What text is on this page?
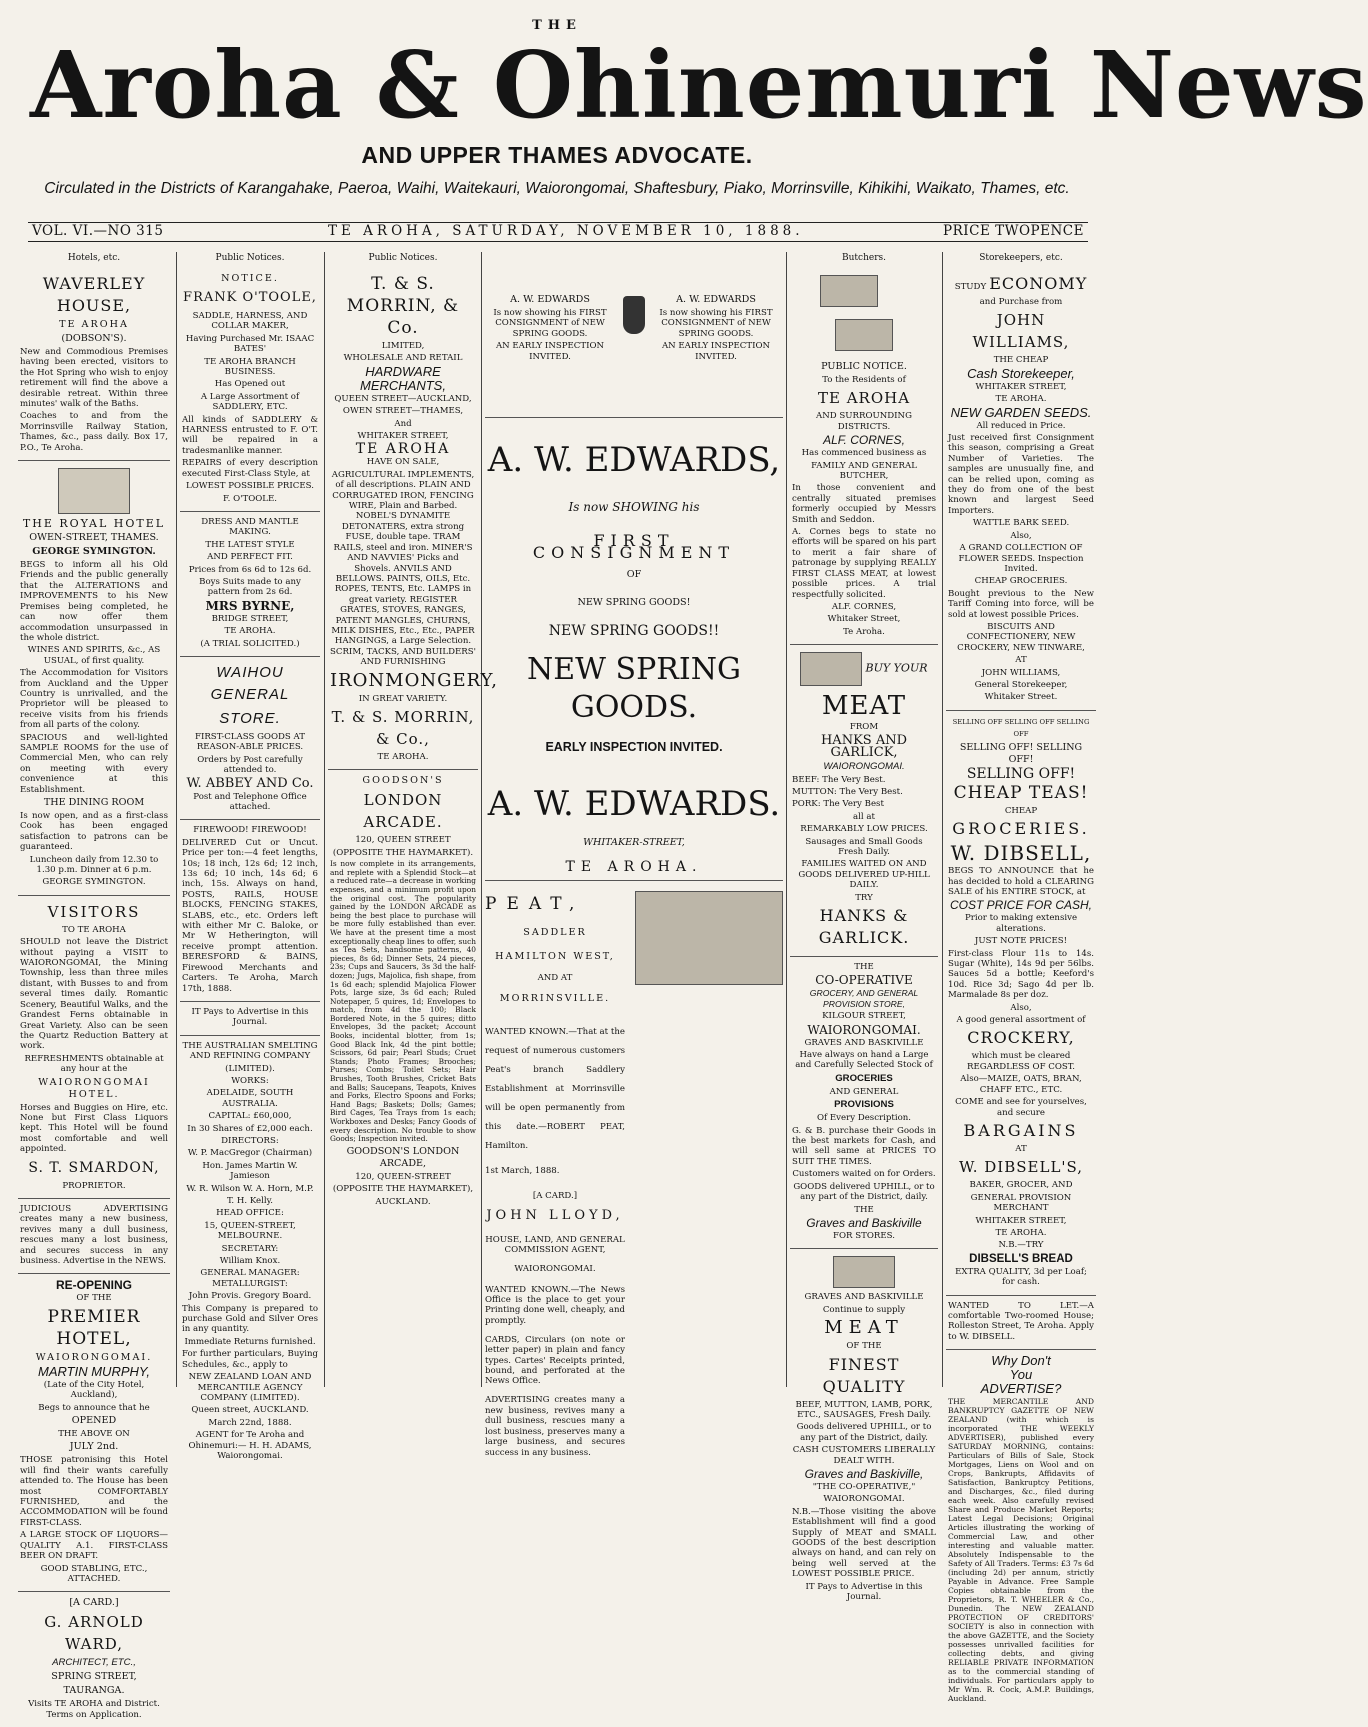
THE
Aroha & Ohinemuri News
AND UPPER THAMES ADVOCATE.
Circulated in the Districts of Karangahake, Paeroa, Waihi, Waitekauri, Waiorongomai, Shaftesbury, Piako, Morrinsville, Kihikihi, Waikato, Thames, etc.
VOL. VI.—NO 315	TE AROHA, SATURDAY, NOVEMBER 10, 1888.	PRICE TWOPENCE
Hotels, etc.

WAVERLEY HOUSE,

TE AROHA

(DOBSON'S).

New and Commodious Premises having been erected, visitors to the Hot Spring who wish to enjoy retirement will find the above a desirable retreat. Within three minutes' walk of the Baths.

Coaches to and from the Morrinsville Railway Station, Thames, &c., pass daily. Box 17, P.O., Te Aroha.

THE ROYAL HOTEL

OWEN-STREET, THAMES.

GEORGE SYMINGTON.

BEGS to inform all his Old Friends and the public generally that the ALTERATIONS and IMPROVEMENTS to his New Premises being completed, he can now offer them accommodation unsurpassed in the whole district.

WINES AND SPIRITS, &c., AS USUAL, of first quality.

The Accommodation for Visitors from Auckland and the Upper Country is unrivalled, and the Proprietor will be pleased to receive visits from his friends from all parts of the colony.

SPACIOUS and well-lighted SAMPLE ROOMS for the use of Commercial Men, who can rely on meeting with every convenience at this Establishment.

THE DINING ROOM

Is now open, and as a first-class Cook has been engaged satisfaction to patrons can be guaranteed.

Luncheon daily from 12.30 to 1.30 p.m. Dinner at 6 p.m.

GEORGE SYMINGTON.

VISITORS

TO TE AROHA

SHOULD not leave the District without paying a VISIT to WAIORONGOMAI, the Mining Township, less than three miles distant, with Busses to and from several times daily. Romantic Scenery, Beautiful Walks, and the Grandest Ferns obtainable in Great Variety. Also can be seen the Quartz Reduction Battery at work.

REFRESHMENTS obtainable at any hour at the

WAIORONGOMAI HOTEL.

Horses and Buggies on Hire, etc. None but First Class Liquors kept. This Hotel will be found most comfortable and well appointed.

S. T. SMARDON,

PROPRIETOR.

JUDICIOUS ADVERTISING creates many a new business, revives many a dull business, rescues many a lost business, and secures success in any business. Advertise in the NEWS.

RE-OPENING

OF THE

PREMIER HOTEL,

WAIORONGOMAI.

MARTIN MURPHY,

(Late of the City Hotel, Auckland),

Begs to announce that he

OPENED

THE ABOVE ON

JULY 2nd.

THOSE patronising this Hotel will find their wants carefully attended to. The House has been most COMFORTABLY FURNISHED, and the ACCOMMODATION will be found FIRST-CLASS.

A LARGE STOCK OF LIQUORS—QUALITY A.1. FIRST-CLASS BEER ON DRAFT.

GOOD STABLING, ETC., ATTACHED.

[A CARD.]

G. ARNOLD WARD,

ARCHITECT, ETC.,

SPRING STREET,

TAURANGA.

Visits TE AROHA and District. Terms on Application.

Public Notices.

NOTICE.

FRANK O'TOOLE,

SADDLE, HARNESS, AND COLLAR MAKER,

Having Purchased Mr. ISAAC BATES'

TE AROHA BRANCH BUSINESS.

Has Opened out

A Large Assortment of SADDLERY, ETC.

All kinds of SADDLERY & HARNESS entrusted to F. O'T. will be repaired in a tradesmanlike manner.

REPAIRS of every description executed First-Class Style, at

LOWEST POSSIBLE PRICES.

F. O'TOOLE.

DRESS AND MANTLE MAKING.

THE LATEST STYLE

AND PERFECT FIT.

Prices from 6s 6d to 12s 6d.

Boys Suits made to any pattern from 2s 6d.

MRS BYRNE,

BRIDGE STREET,

TE AROHA.

(A TRIAL SOLICITED.)

WAIHOU GENERAL

STORE.

FIRST-CLASS GOODS AT REASON-ABLE PRICES.

Orders by Post carefully attended to.

W. ABBEY AND Co.

Post and Telephone Office attached.

FIREWOOD! FIREWOOD!

DELIVERED Cut or Uncut. Price per ton:—4 feet lengths, 10s; 18 inch, 12s 6d; 12 inch, 13s 6d; 10 inch, 14s 6d; 6 inch, 15s. Always on hand, POSTS, RAILS, HOUSE BLOCKS, FENCING STAKES, SLABS, etc., etc. Orders left with either Mr C. Baloke, or Mr W Hetherington, will receive prompt attention. BERESFORD & BAINS, Firewood Merchants and Carters. Te Aroha, March 17th, 1888.

IT Pays to Advertise in this Journal.

THE AUSTRALIAN SMELTING AND REFINING COMPANY

(LIMITED).

WORKS:

ADELAIDE, SOUTH AUSTRALIA.

CAPITAL: £60,000,

In 30 Shares of £2,000 each.

DIRECTORS:

W. P. MacGregor (Chairman)

Hon. James Martin W. Jamieson

W. R. Wilson W. A. Horn, M.P.

T. H. Kelly.

HEAD OFFICE:

15, QUEEN-STREET, MELBOURNE.

SECRETARY:

William Knox.

GENERAL MANAGER: METALLURGIST:

John Provis. Gregory Board.

This Company is prepared to purchase Gold and Silver Ores in any quantity.

Immediate Returns furnished.

For further particulars, Buying Schedules, &c., apply to

NEW ZEALAND LOAN AND MERCANTILE AGENCY COMPANY (LIMITED).

Queen street, AUCKLAND.

March 22nd, 1888.

AGENT for Te Aroha and Ohinemuri:— H. H. ADAMS, Waiorongomai.

Public Notices.

T. & S. MORRIN, & Co.

LIMITED,

WHOLESALE AND RETAIL

HARDWARE

MERCHANTS,

QUEEN STREET—AUCKLAND,

OWEN STREET—THAMES,

And

WHITAKER STREET,

TE AROHA

HAVE ON SALE,

AGRICULTURAL IMPLEMENTS, of all descriptions. PLAIN AND CORRUGATED IRON, FENCING WIRE, Plain and Barbed. NOBEL'S DYNAMITE DETONATERS, extra strong FUSE, double tape. TRAM RAILS, steel and iron. MINER'S AND NAVVIES' Picks and Shovels. ANVILS AND BELLOWS. PAINTS, OILS, Etc. ROPES, TENTS, Etc. LAMPS in great variety. REGISTER GRATES, STOVES, RANGES, PATENT MANGLES, CHURNS, MILK DISHES, Etc., Etc., PAPER HANGINGS, a Large Selection. SCRIM, TACKS, AND BUILDERS' AND FURNISHING

IRONMONGERY,

IN GREAT VARIETY.

T. & S. MORRIN, & Co.,

TE AROHA.

GOODSON'S

LONDON ARCADE.

120, QUEEN STREET

(OPPOSITE THE HAYMARKET).

Is now complete in its arrangements, and replete with a Splendid Stock—at a reduced rate—a decrease in working expenses, and a minimum profit upon the original cost. The popularity gained by the LONDON ARCADE as being the best place to purchase will be more fully established than ever. We have at the present time a most exceptionally cheap lines to offer, such as Tea Sets, handsome patterns, 40 pieces, 8s 6d; Dinner Sets, 24 pieces, 23s; Cups and Saucers, 3s 3d the half-dozen; Jugs, Majolica, fish shape, from 1s 6d each; splendid Majolica Flower Pots, large size, 3s 6d each; Ruled Notepaper, 5 quires, 1d; Envelopes to match, from 4d the 100; Black Bordered Note, in the 5 quires; ditto Envelopes, 3d the packet; Account Books, incidental blotter, from 1s; Good Black Ink, 4d the pint bottle; Scissors, 6d pair; Pearl Studs; Cruet Stands; Photo Frames; Brooches; Purses; Combs; Toilet Sets; Hair Brushes, Tooth Brushes, Cricket Bats and Balls; Saucepans, Teapots, Knives and Forks, Electro Spoons and Forks; Hand Bags; Baskets; Dolls; Games; Bird Cages, Tea Trays from 1s each; Workboxes and Desks; Fancy Goods of every description. No trouble to show Goods; Inspection invited.

GOODSON'S LONDON ARCADE,

120, QUEEN-STREET

(OPPOSITE THE HAYMARKET),

AUCKLAND.

A. W. EDWARDS

Is now showing his FIRST CONSIGNMENT of NEW SPRING GOODS.

AN EARLY INSPECTION INVITED.

A. W. EDWARDS

Is now showing his FIRST CONSIGNMENT of NEW SPRING GOODS.

AN EARLY INSPECTION INVITED.

A. W. EDWARDS,

Is now SHOWING his

FIRST CONSIGNMENT

OF

NEW SPRING GOODS!

NEW SPRING GOODS!!

NEW SPRING GOODS.

EARLY INSPECTION INVITED.

A. W. EDWARDS.

WHITAKER-STREET,

TE AROHA.

PEAT,

SADDLER

HAMILTON WEST,

AND AT

MORRINSVILLE.

WANTED KNOWN.—That at the request of numerous customers Peat's branch Saddlery Establishment at Morrinsville will be open permanently from this date.—ROBERT PEAT, Hamilton.

1st March, 1888.

[A CARD.]

JOHN LLOYD,

HOUSE, LAND, AND GENERAL COMMISSION AGENT,

WAIORONGOMAI.

WANTED KNOWN.—The News Office is the place to get your Printing done well, cheaply, and promptly.

CARDS, Circulars (on note or letter paper) in plain and fancy types. Cartes' Receipts printed, bound, and perforated at the News Office.

ADVERTISING creates many a new business, revives many a dull business, rescues many a lost business, preserves many a large business, and secures success in any business.

Butchers.

PUBLIC NOTICE.

To the Residents of

TE AROHA

AND SURROUNDING DISTRICTS.

ALF. CORNES,

Has commenced business as

FAMILY AND GENERAL BUTCHER,

In those convenient and centrally situated premises formerly occupied by Messrs Smith and Seddon.

A. Cornes begs to state no efforts will be spared on his part to merit a fair share of patronage by supplying REALLY FIRST CLASS MEAT, at lowest possible prices. A trial respectfully solicited.

ALF. CORNES,

Whitaker Street,

Te Aroha.

BUY YOUR

MEAT

FROM

HANKS AND GARLICK,

WAIORONGOMAI.

BEEF: The Very Best.

MUTTON: The Very Best.

PORK: The Very Best

all at

REMARKABLY LOW PRICES.

Sausages and Small Goods Fresh Daily.

FAMILIES WAITED ON AND GOODS DELIVERED UP-HILL DAILY.

TRY

HANKS & GARLICK.

THE

CO-OPERATIVE

GROCERY, AND GENERAL PROVISION STORE,

KILGOUR STREET,

WAIORONGOMAI.

GRAVES AND BASKIVILLE

Have always on hand a Large and Carefully Selected Stock of

GROCERIES

AND GENERAL

PROVISIONS

Of Every Description.

G. & B. purchase their Goods in the best markets for Cash, and will sell same at PRICES TO SUIT THE TIMES.

Customers waited on for Orders.

GOODS delivered UPHILL, or to any part of the District, daily.

THE

Graves and Baskiville

FOR STORES.

GRAVES AND BASKIVILLE

Continue to supply

MEAT

OF THE

FINEST QUALITY

BEEF, MUTTON, LAMB, PORK, ETC., SAUSAGES, Fresh Daily.

Goods delivered UPHILL, or to any part of the District, daily.

CASH CUSTOMERS LIBERALLY DEALT WITH.

Graves and Baskiville,

"THE CO-OPERATIVE,"

WAIORONGOMAI.

N.B.—Those visiting the above Establishment will find a good Supply of MEAT and SMALL GOODS of the best description always on hand, and can rely on being well served at the LOWEST POSSIBLE PRICE.

IT Pays to Advertise in this Journal.

Storekeepers, etc.

STUDY ECONOMY

and Purchase from

JOHN WILLIAMS,

THE CHEAP

Cash Storekeeper,

WHITAKER STREET,

TE AROHA.

NEW GARDEN SEEDS.

All reduced in Price.

Just received first Consignment this season, comprising a Great Number of Varieties. The samples are unusually fine, and can be relied upon, coming as they do from one of the best known and largest Seed Importers.

WATTLE BARK SEED.

Also,

A GRAND COLLECTION OF FLOWER SEEDS. Inspection Invited.

CHEAP GROCERIES.

Bought previous to the New Tariff Coming into force, will be sold at lowest possible Prices.

BISCUITS AND CONFECTIONERY, NEW CROCKERY, NEW TINWARE,

AT

JOHN WILLIAMS,

General Storekeeper,

Whitaker Street.

SELLING OFF SELLING OFF SELLING OFF

SELLING OFF! SELLING OFF!

SELLING OFF!

CHEAP TEAS!

CHEAP

GROCERIES.

W. DIBSELL,

BEGS TO ANNOUNCE that he has decided to hold a CLEARING SALE of his ENTIRE STOCK, at

COST PRICE FOR CASH,

Prior to making extensive alterations.

JUST NOTE PRICES!

First-class Flour 11s to 14s. Sugar (White), 14s 9d per 56lbs. Sauces 5d a bottle; Keeford's 10d. Rice 3d; Sago 4d per lb. Marmalade 8s per doz.

Also,

A good general assortment of

CROCKERY,

which must be cleared REGARDLESS OF COST.

Also—MAIZE, OATS, BRAN, CHAFF ETC., ETC.

COME and see for yourselves, and secure

BARGAINS

AT

W. DIBSELL'S,

BAKER, GROCER, AND

GENERAL PROVISION MERCHANT

WHITAKER STREET,

TE AROHA.

N.B.—TRY

DIBSELL'S BREAD

EXTRA QUALITY, 3d per Loaf; for cash.

WANTED TO LET.—A comfortable Two-roomed House; Rolleston Street, Te Aroha. Apply to W. DIBSELL.

Why Don't

You

ADVERTISE?

THE MERCANTILE AND BANKRUPTCY GAZETTE OF NEW ZEALAND (with which is incorporated THE WEEKLY ADVERTISER), published every SATURDAY MORNING, contains: Particulars of Bills of Sale, Stock Mortgages, Liens on Wool and on Crops, Bankrupts, Affidavits of Satisfaction, Bankruptcy Petitions, and Discharges, &c., filed during each week. Also carefully revised Share and Produce Market Reports; Latest Legal Decisions; Original Articles illustrating the working of Commercial Law, and other interesting and valuable matter. Absolutely Indispensable to the Safety of All Traders. Terms: £3 7s 6d (including 2d) per annum, strictly Payable in Advance. Free Sample Copies obtainable from the Proprietors, R. T. WHEELER & Co., Dunedin. The NEW ZEALAND PROTECTION OF CREDITORS' SOCIETY is also in connection with the above GAZETTE, and the Society possesses unrivalled facilities for collecting debts, and giving RELIABLE PRIVATE INFORMATION as to the commercial standing of individuals. For particulars apply to Mr Wm. R. Cock, A.M.P. Buildings, Auckland.
